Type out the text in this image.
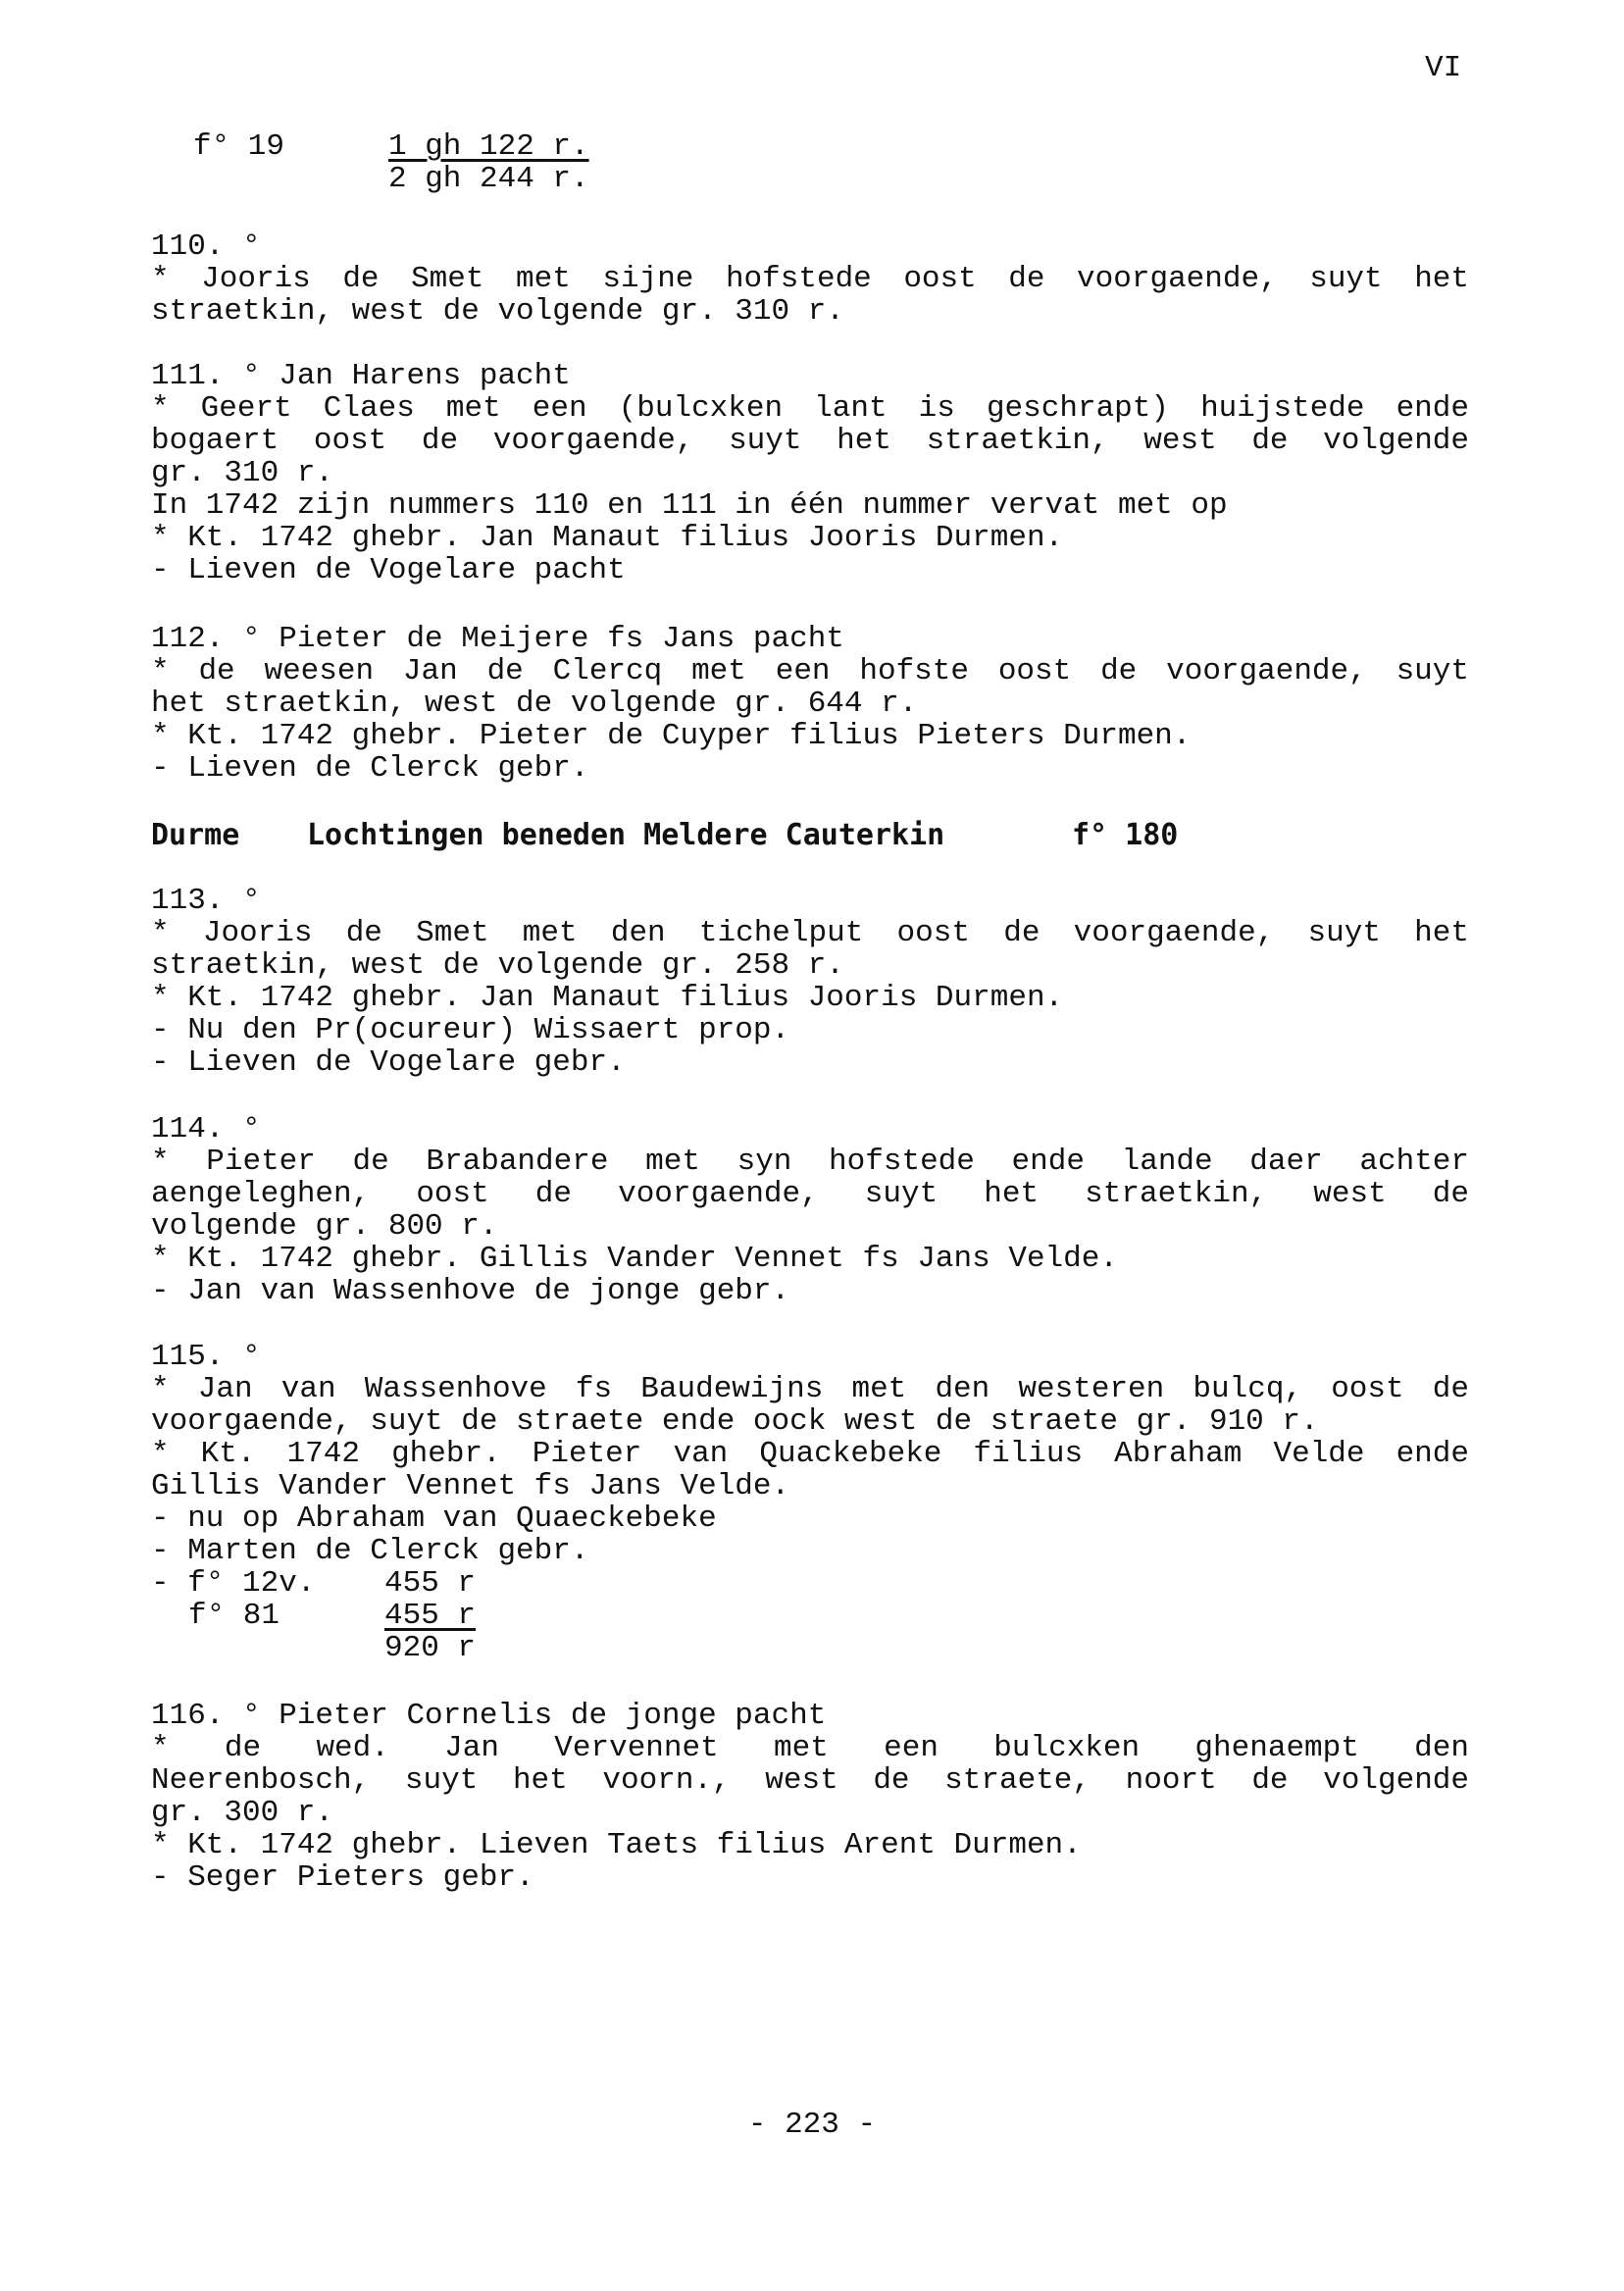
VI
f° 19	1 gh 122 r.
2 gh 244 r.
110. °
* Jooris de Smet met sijne hofstede oost de voorgaende, suyt het
straetkin, west de volgende gr. 310 r.
111. ° Jan Harens pacht
* Geert Claes met een (bulcxken lant is geschrapt) huijstede ende
bogaert oost de voorgaende, suyt het straetkin, west de volgende
gr. 310 r.
In 1742 zijn nummers 110 en 111 in één nummer vervat met op
* Kt. 1742 ghebr. Jan Manaut filius Jooris Durmen.
- Lieven de Vogelare pacht
112. ° Pieter de Meijere fs Jans pacht
* de weesen Jan de Clercq met een hofste oost de voorgaende, suyt
het straetkin, west de volgende gr. 644 r.
* Kt. 1742 ghebr. Pieter de Cuyper filius Pieters Durmen.
- Lieven de Clerck gebr.
Durme	Lochtingen beneden Meldere Cauterkin	f° 180
113. °
* Jooris de Smet met den tichelput oost de voorgaende, suyt het
straetkin, west de volgende gr. 258 r.
* Kt. 1742 ghebr. Jan Manaut filius Jooris Durmen.
- Nu den Pr(ocureur) Wissaert prop.
- Lieven de Vogelare gebr.
114. °
* Pieter de Brabandere met syn hofstede ende lande daer achter
aengeleghen, oost de voorgaende, suyt het straetkin, west de
volgende gr. 800 r.
* Kt. 1742 ghebr. Gillis Vander Vennet fs Jans Velde.
- Jan van Wassenhove de jonge gebr.
115. °
* Jan van Wassenhove fs Baudewijns met den westeren bulcq, oost de
voorgaende, suyt de straete ende oock west de straete gr. 910 r.
* Kt. 1742 ghebr. Pieter van Quackebeke filius Abraham Velde ende
Gillis Vander Vennet fs Jans Velde.
- nu op Abraham van Quaeckebeke
- Marten de Clerck gebr.
- f° 12v.	455 r
f° 81	455 r
920 r
116. ° Pieter Cornelis de jonge pacht
* de wed. Jan Vervennet met een bulcxken ghenaempt den
Neerenbosch, suyt het voorn., west de straete, noort de volgende
gr. 300 r.
* Kt. 1742 ghebr. Lieven Taets filius Arent Durmen.
- Seger Pieters gebr.
- 223 -
